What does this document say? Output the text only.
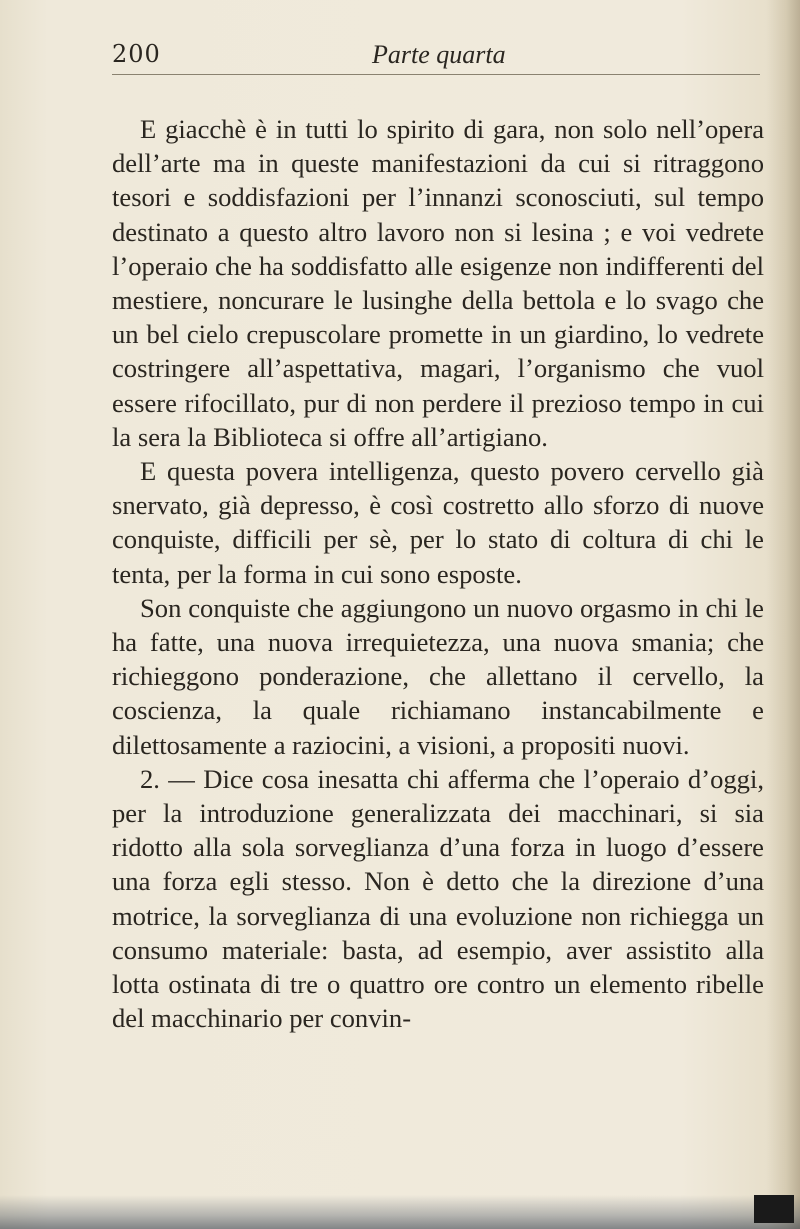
200	Parte quarta

E giacchè è in tutti lo spirito di gara, non solo nell’opera dell’arte ma in queste manifestazioni da cui si ritraggono tesori e soddisfazioni per l’innanzi sconosciuti, sul tempo destinato a questo altro lavoro non si lesina ; e voi vedrete l’operaio che ha soddisfatto alle esigenze non indifferenti del mestiere, noncurare le lusinghe della bettola e lo svago che un bel cielo crepuscolare promette in un giardino, lo vedrete costringere all’aspettativa, magari, l’organismo che vuol essere rifocillato, pur di non perdere il prezioso tempo in cui la sera la Biblioteca si offre all’artigiano.

E questa povera intelligenza, questo povero cervello già snervato, già depresso, è così costretto allo sforzo di nuove conquiste, difficili per sè, per lo stato di coltura di chi le tenta, per la forma in cui sono esposte.

Son conquiste che aggiungono un nuovo orgasmo in chi le ha fatte, una nuova irrequietezza, una nuova smania; che richieggono ponderazione, che allettano il cervello, la coscienza, la quale richiamano instancabilmente e dilettosamente a raziocini, a visioni, a propositi nuovi.

2. — Dice cosa inesatta chi afferma che l’operaio d’oggi, per la introduzione generalizzata dei macchinari, si sia ridotto alla sola sorveglianza d’una forza in luogo d’essere una forza egli stesso. Non è detto che la direzione d’una motrice, la sorveglianza di una evoluzione non richiegga un consumo materiale: basta, ad esempio, aver assistito alla lotta ostinata di tre o quattro ore contro un elemento ribelle del macchinario per convin-
